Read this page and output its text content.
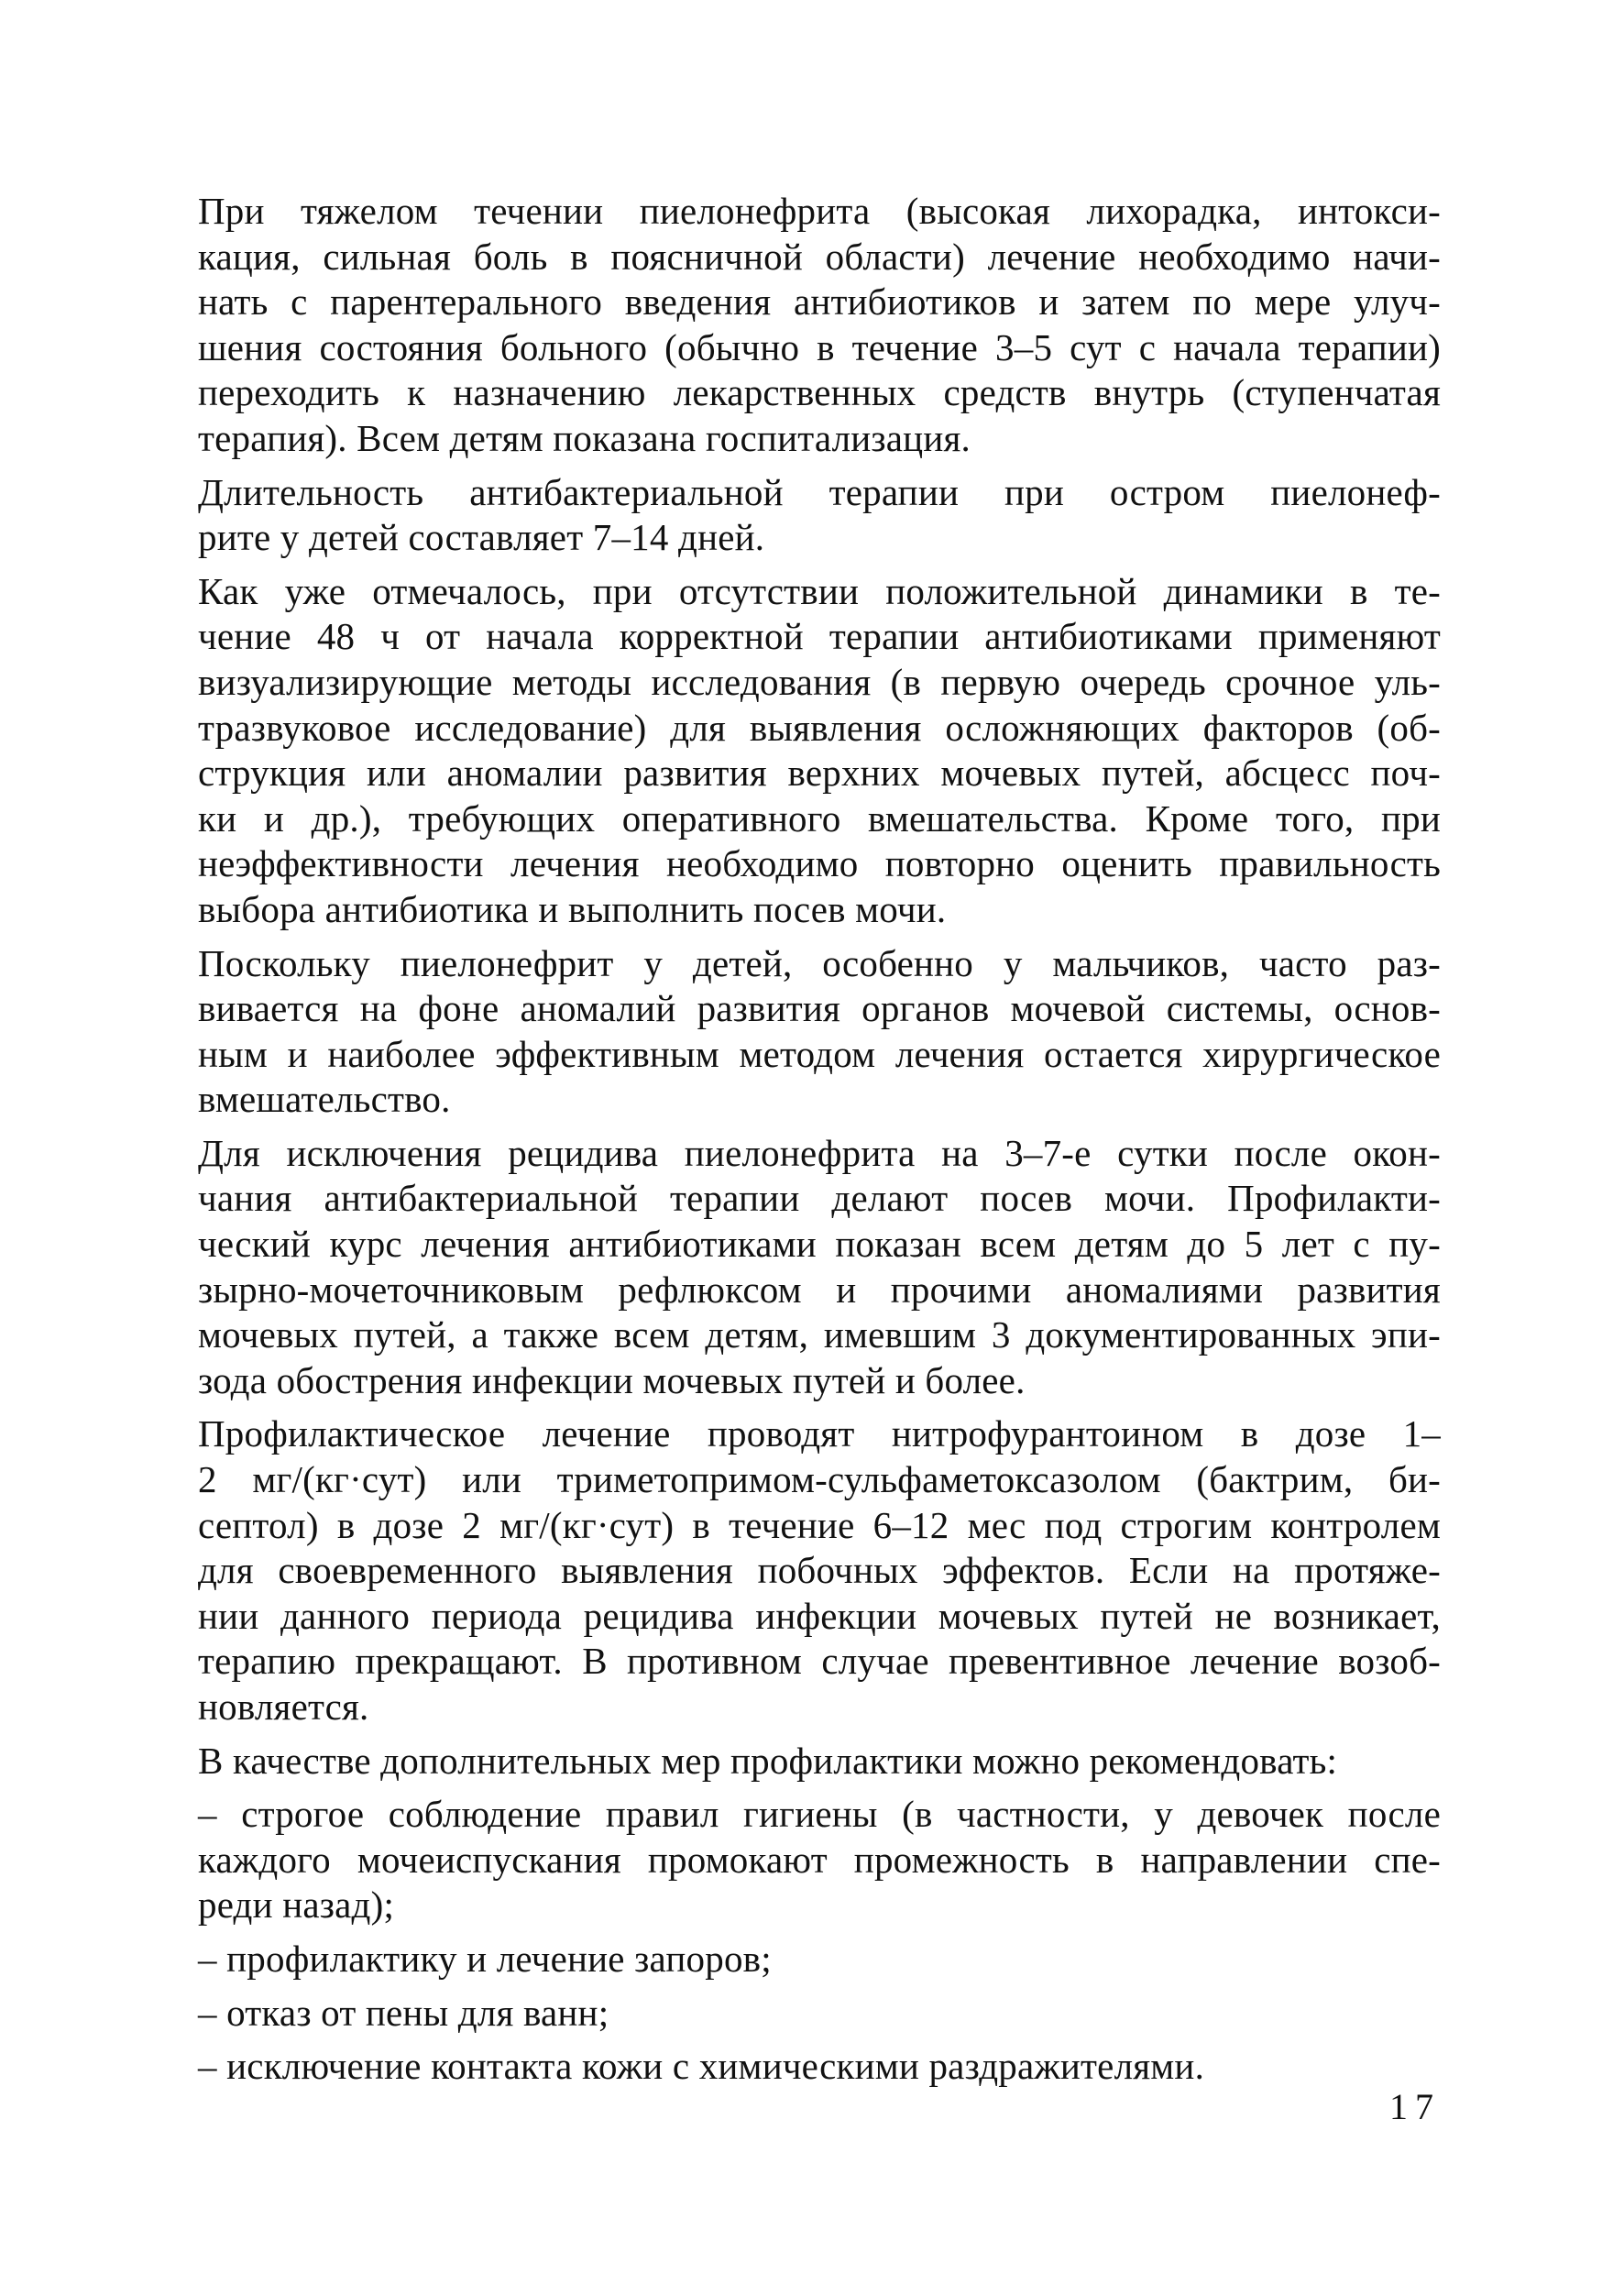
При тяжелом течении пиелонефрита (высокая лихорадка, интокси-
кация, сильная боль в поясничной области) лечение необходимо начи-
нать с парентерального введения антибиотиков и затем по мере улуч-
шения состояния больного (обычно в течение 3–5 сут с начала терапии)
переходить к назначению лекарственных средств внутрь (ступенчатая
терапия). Всем детям показана госпитализация.
Длительность антибактериальной терапии при остром пиелонеф-
рите у детей составляет 7–14 дней.
Как уже отмечалось, при отсутствии положительной динамики в те-
чение 48 ч от начала корректной терапии антибиотиками применяют
визуализирующие методы исследования (в первую очередь срочное уль-
тразвуковое исследование) для выявления осложняющих факторов (об-
струкция или аномалии развития верхних мочевых путей, абсцесс поч-
ки и др.), требующих оперативного вмешательства. Кроме того, при
неэффективности лечения необходимо повторно оценить правильность
выбора антибиотика и выполнить посев мочи.
Поскольку пиелонефрит у детей, особенно у мальчиков, часто раз-
вивается на фоне аномалий развития органов мочевой системы, основ-
ным и наиболее эффективным методом лечения остается хирургическое
вмешательство.
Для исключения рецидива пиелонефрита на 3–7-е сутки после окон-
чания антибактериальной терапии делают посев мочи. Профилакти-
ческий курс лечения антибиотиками показан всем детям до 5 лет с пу-
зырно-мочеточниковым рефлюксом и прочими аномалиями развития
мочевых путей, а также всем детям, имевшим 3 документированных эпи-
зода обострения инфекции мочевых путей и более.
Профилактическое лечение проводят нитрофурантоином в дозе 1–
2 мг/(кг·сут) или триметопримом-сульфаметоксазолом (бактрим, би-
септол) в дозе 2 мг/(кг·сут) в течение 6–12 мес под строгим контролем
для своевременного выявления побочных эффектов. Если на протяже-
нии данного периода рецидива инфекции мочевых путей не возникает,
терапию прекращают. В противном случае превентивное лечение возоб-
новляется.
В качестве дополнительных мер профилактики можно рекомендовать:
– строгое соблюдение правил гигиены (в частности, у девочек после
каждого мочеиспускания промокают промежность в направлении спе-
реди назад);
– профилактику и лечение запоров;
– отказ от пены для ванн;
– исключение контакта кожи с химическими раздражителями.
17
